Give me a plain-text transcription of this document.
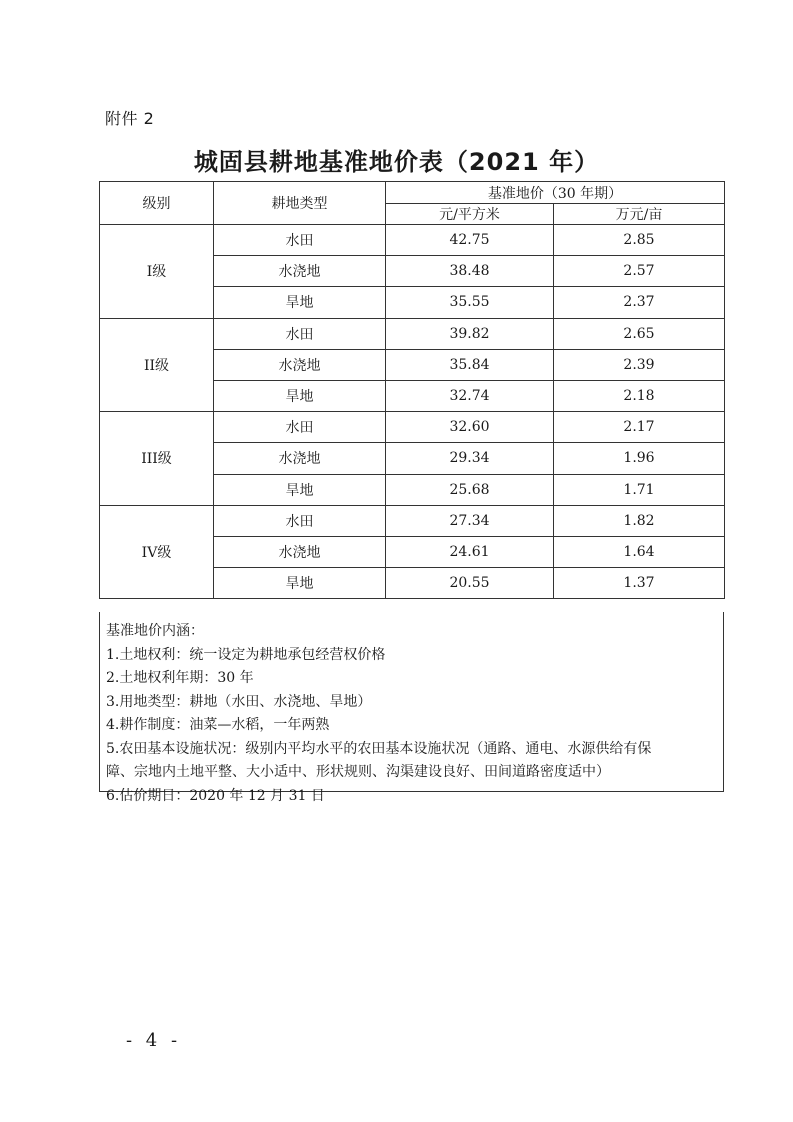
附件 2
城固县耕地基准地价表（2021 年）
级别	耕地类型	基准地价（30 年期）	
		元/平方米	万元/亩
I级	水田	42.75	2.85
	水浇地	38.48	2.57
	旱地	35.55	2.37
II级	水田	39.82	2.65
	水浇地	35.84	2.39
	旱地	32.74	2.18
III级	水田	32.60	2.17
	水浇地	29.34	1.96
	旱地	25.68	1.71
IV级	水田	27.34	1.82
	水浇地	24.61	1.64
	旱地	20.55	1.37
基准地价内涵：
1.土地权利：统一设定为耕地承包经营权价格
2.土地权利年期：30 年
3.用地类型：耕地（水田、水浇地、旱地）
4.耕作制度：油菜—水稻，一年两熟
5.农田基本设施状况：级别内平均水平的农田基本设施状况（通路、通电、水源供给有保
障、宗地内土地平整、大小适中、形状规则、沟渠建设良好、田间道路密度适中）
6.估价期日：2020 年 12 月 31 日
- 4 -
